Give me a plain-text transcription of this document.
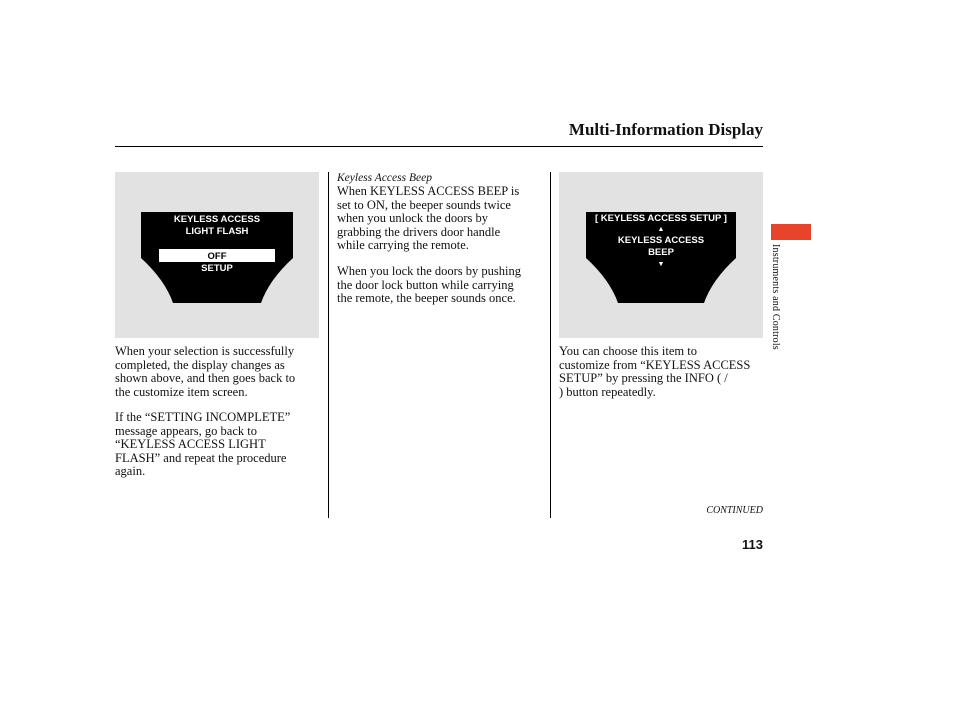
Multi-Information Display
KEYLESS ACCESS
LIGHT FLASH
OFF
SETUP
[ KEYLESS ACCESS SETUP ]
▲
KEYLESS ACCESS
BEEP
▼

When your selection is successfully
completed, the display changes as
shown above, and then goes back to
the customize item screen.

If the “SETTING INCOMPLETE”
message appears, go back to
“KEYLESS ACCESS LIGHT
FLASH” and repeat the procedure
again.

Keyless Access Beep

When KEYLESS ACCESS BEEP is
set to ON, the beeper sounds twice
when you unlock the doors by
grabbing the drivers door handle
while carrying the remote.

When you lock the doors by pushing
the door lock button while carrying
the remote, the beeper sounds once.

You can choose this item to
customize from “KEYLESS ACCESS
SETUP” by pressing the INFO ( /
) button repeatedly.

Instruments and Controls

CONTINUED

113
